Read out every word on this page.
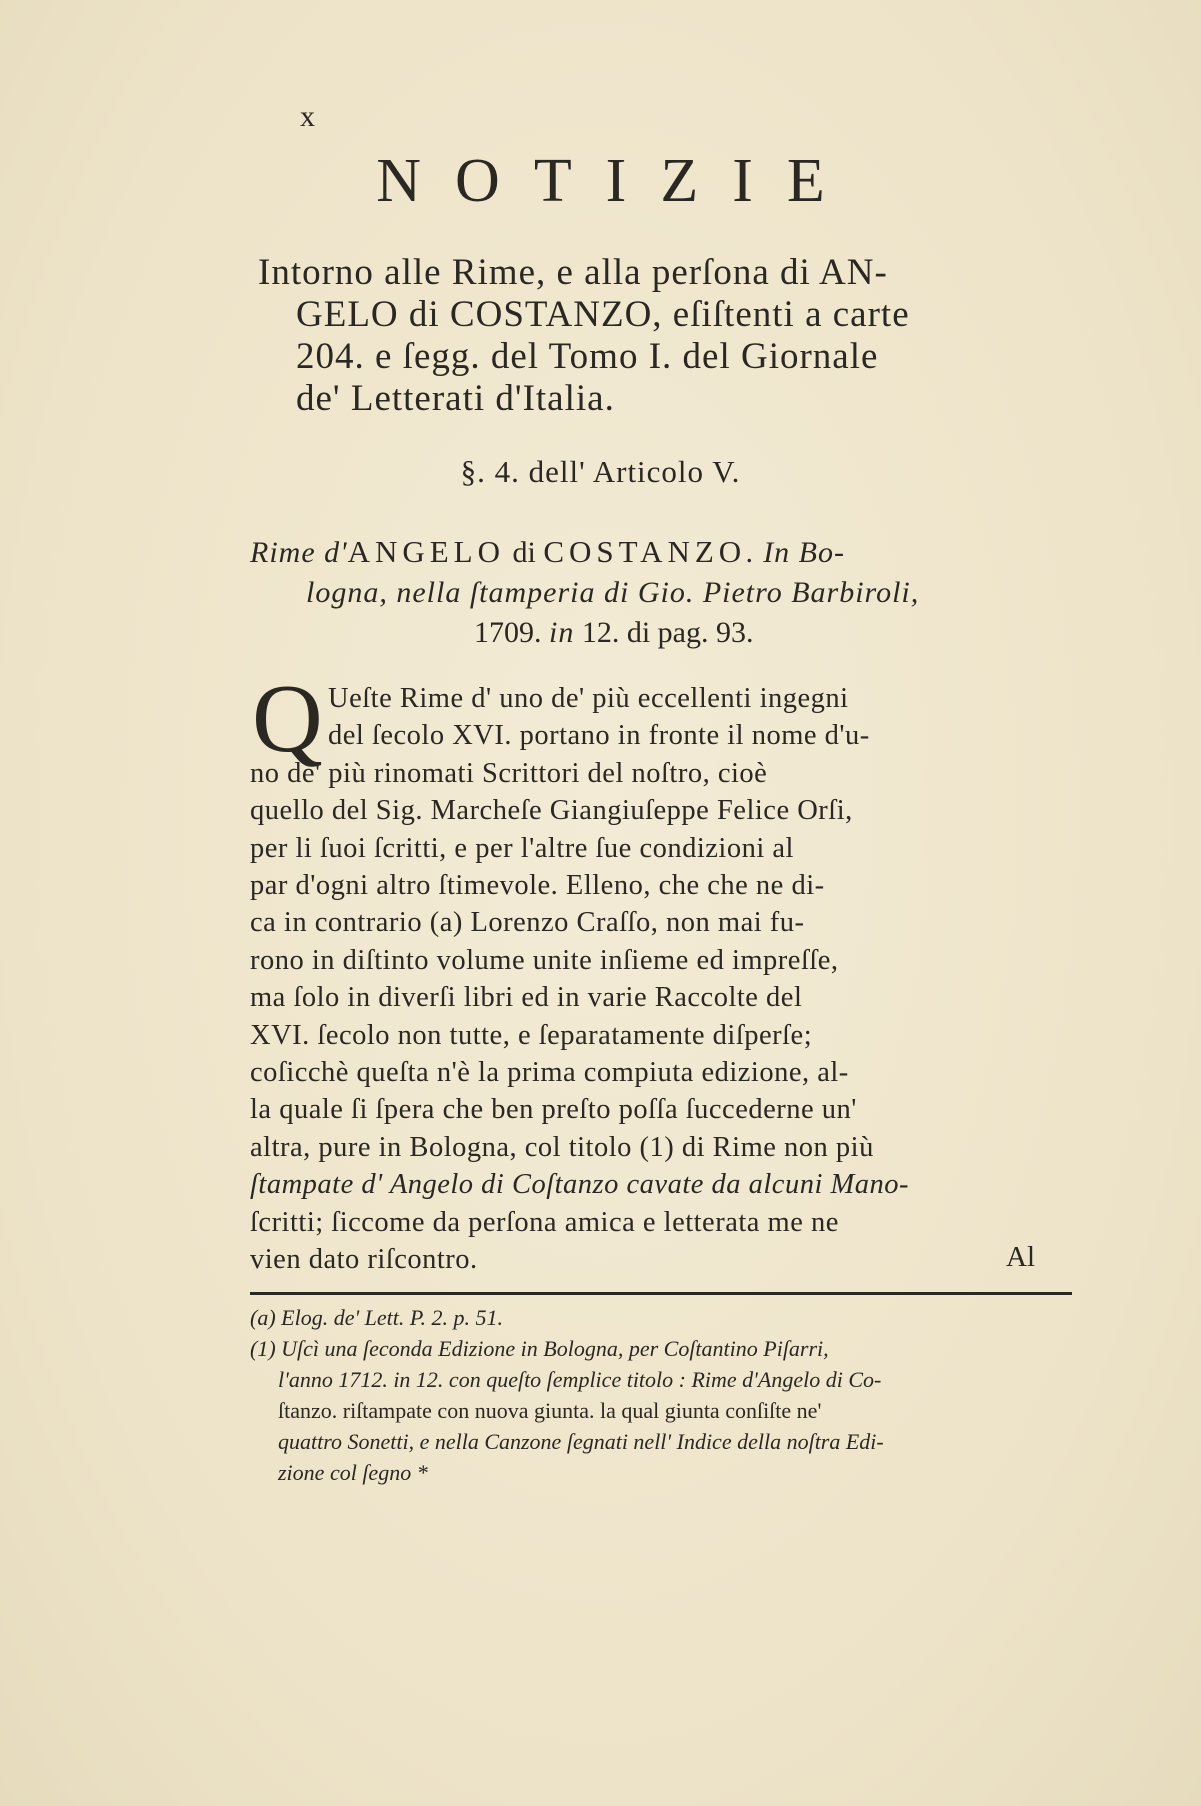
x
NOTIZIE
Intorno alle Rime, e alla perſona di AN-
GELO di COSTANZO, eſiſtenti a carte
204. e ſegg. del Tomo I. del Giornale
de' Letterati d'Italia.
§. 4. dell' Articolo V.
Rime d'ANGELO di COSTANZO. In Bo-
logna, nella ſtamperia di Gio. Pietro Barbiroli,
1709. in 12. di pag. 93.
Q Ueſte Rime d' uno de' più eccellenti ingegni
del ſecolo XVI. portano in fronte il nome d'u-
no de' più rinomati Scrittori del noſtro, cioè
quello del Sig. Marcheſe Giangiuſeppe Felice Orſi,
per li ſuoi ſcritti, e per l'altre ſue condizioni al
par d'ogni altro ſtimevole. Elleno, che che ne di-
ca in contrario (a) Lorenzo Craſſo, non mai fu-
rono in diſtinto volume unite inſieme ed impreſſe,
ma ſolo in diverſi libri ed in varie Raccolte del
XVI. ſecolo non tutte, e ſeparatamente diſperſe;
coſicchè queſta n'è la prima compiuta edizione, al-
la quale ſi ſpera che ben preſto poſſa ſuccederne un'
altra, pure in Bologna, col titolo (1) di Rime non più
ſtampate d' Angelo di Coſtanzo cavate da alcuni Mano-
ſcritti; ſiccome da perſona amica e letterata me ne
vien dato riſcontro.	Al
(a) Elog. de' Lett. P. 2. p. 51.
(1) Uſcì una ſeconda Edizione in Bologna, per Coſtantino Piſarri,
l'anno 1712. in 12. con queſto ſemplice titolo : Rime d'Angelo di Co-
ſtanzo. riſtampate con nuova giunta. la qual giunta conſiſte ne'
quattro Sonetti, e nella Canzone ſegnati nell' Indice della noſtra Edi-
zione col ſegno *
